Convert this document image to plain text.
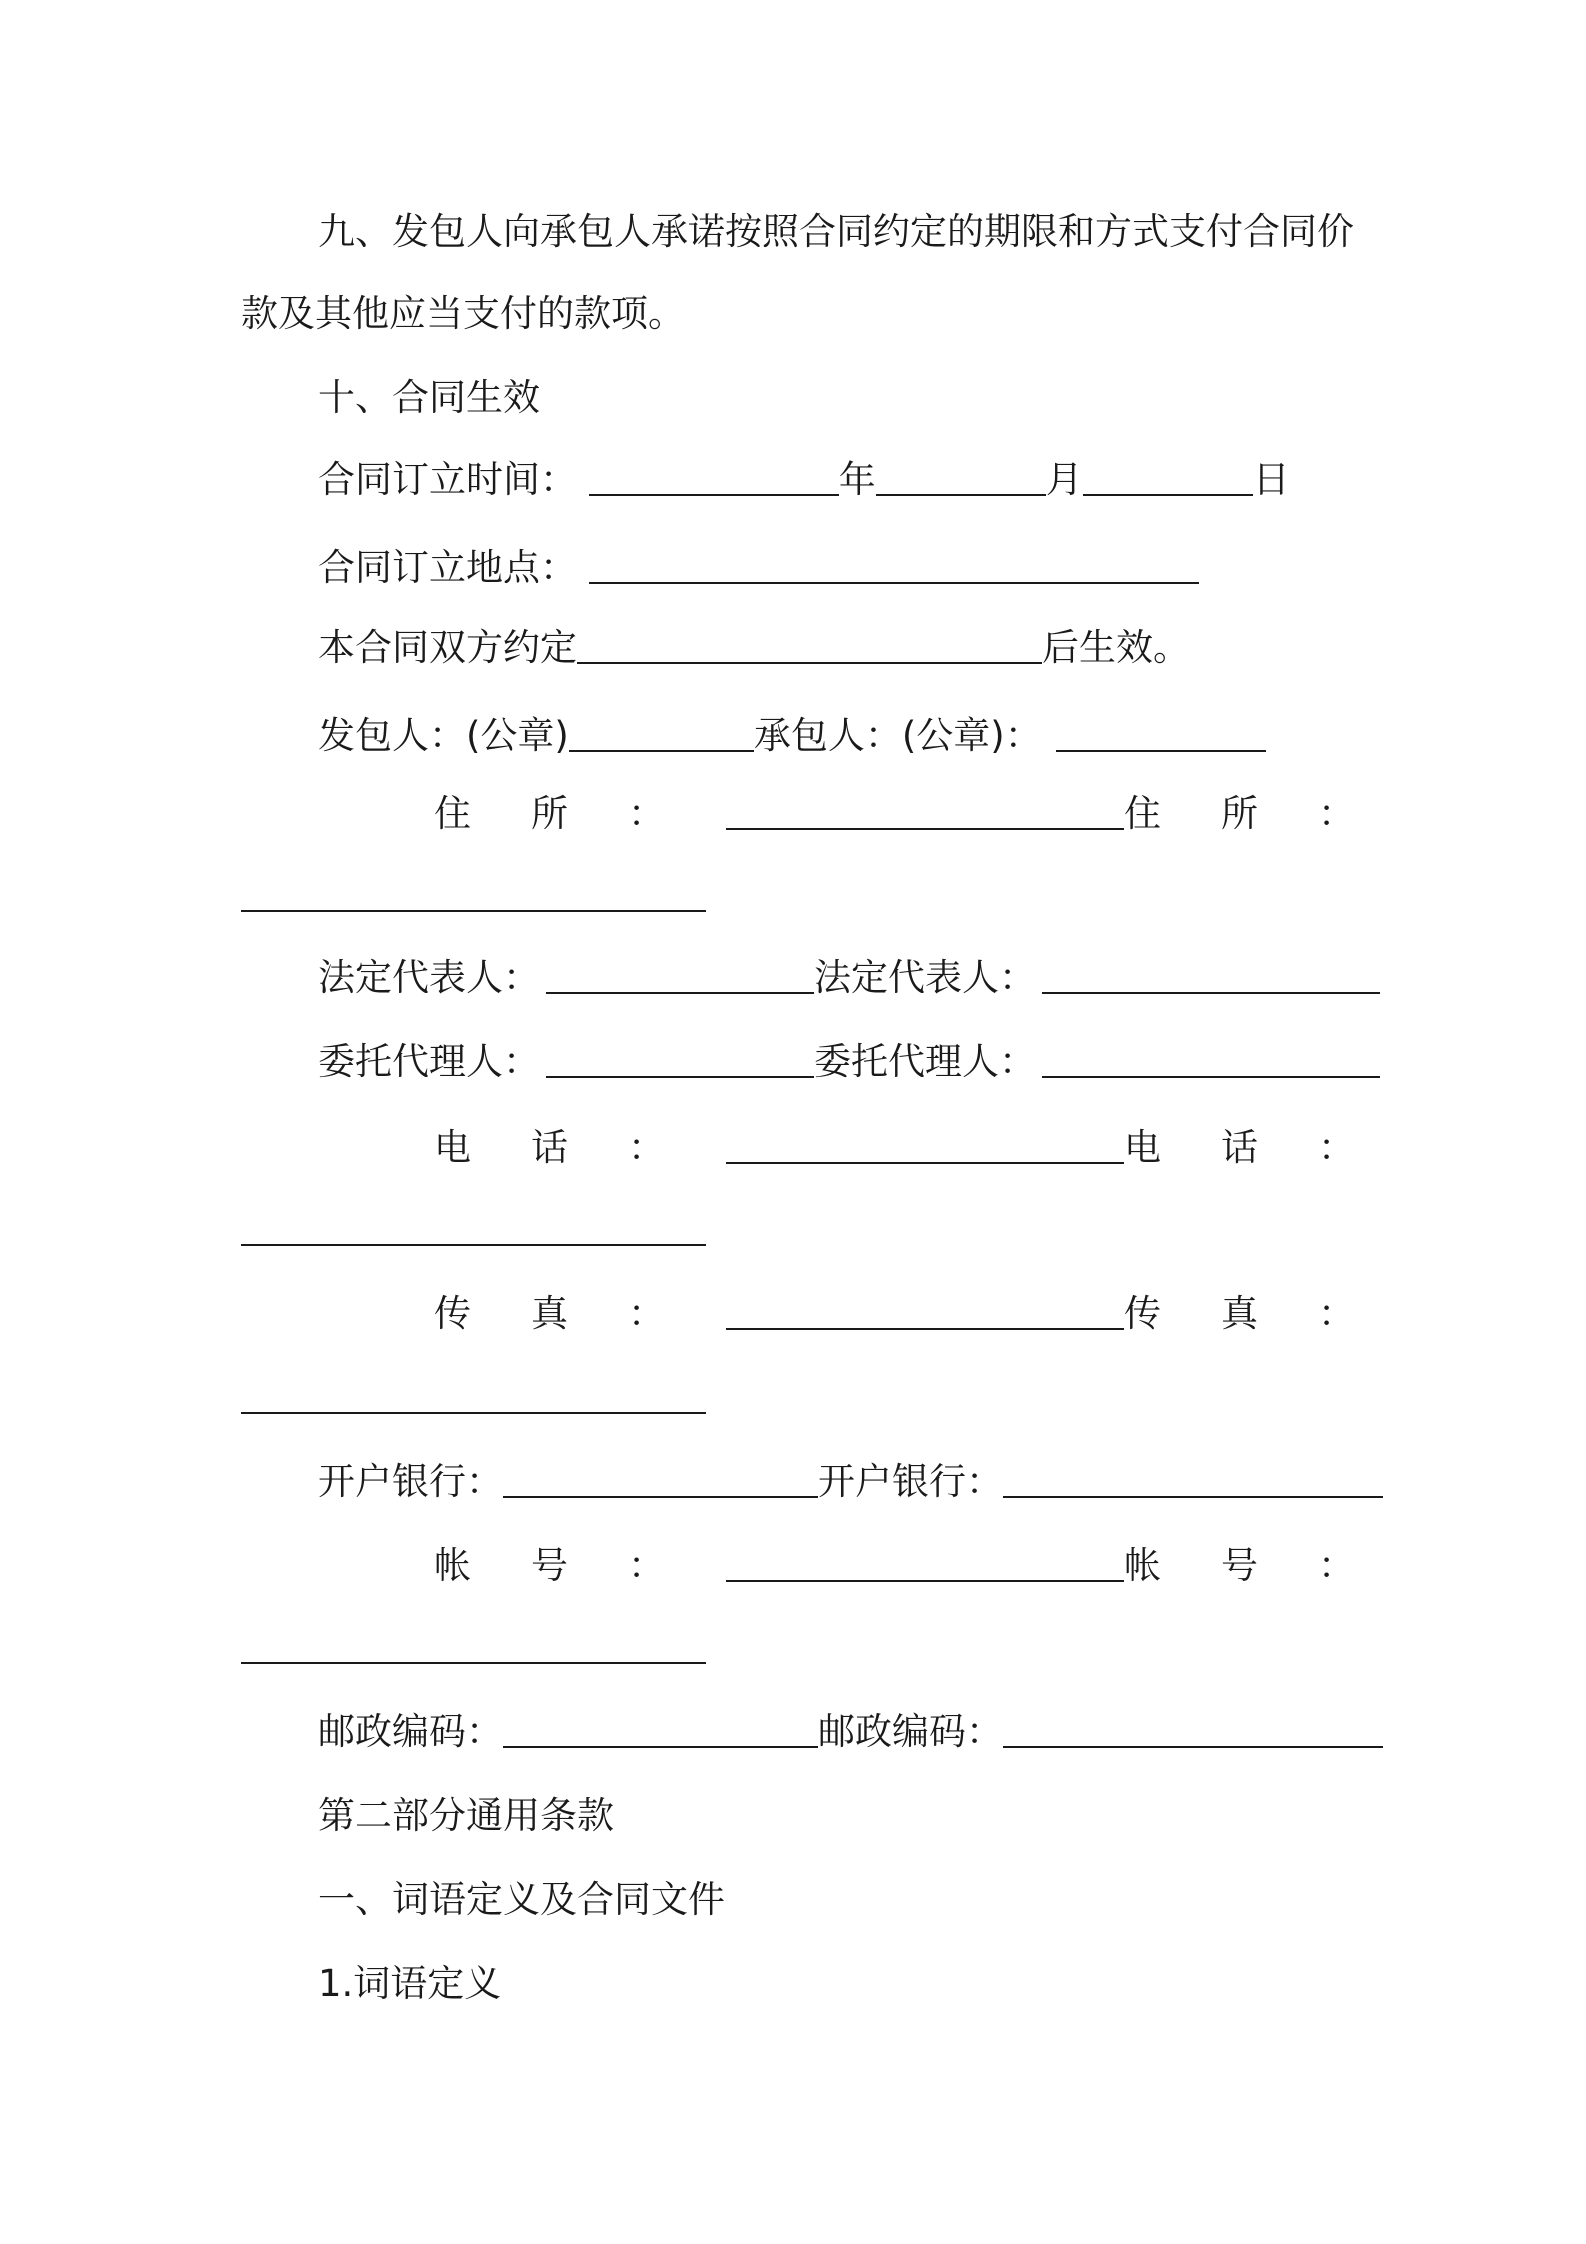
九、发包人向承包人承诺按照合同约定的期限和方式支付合同价
款及其他应当支付的款项。
十、合同生效
合同订立时间：	年	月	日
合同订立地点：
本合同双方约定	后生效。
发包人：(公章)	承包人：(公章)：
住所：	住所：
法定代表人：	法定代表人：
委托代理人：	委托代理人：
电话：	电话：
传真：	传真：
开户银行：	开户银行：
帐号：	帐号：
邮政编码：	邮政编码：
第二部分通用条款
一、词语定义及合同文件
1.词语定义
